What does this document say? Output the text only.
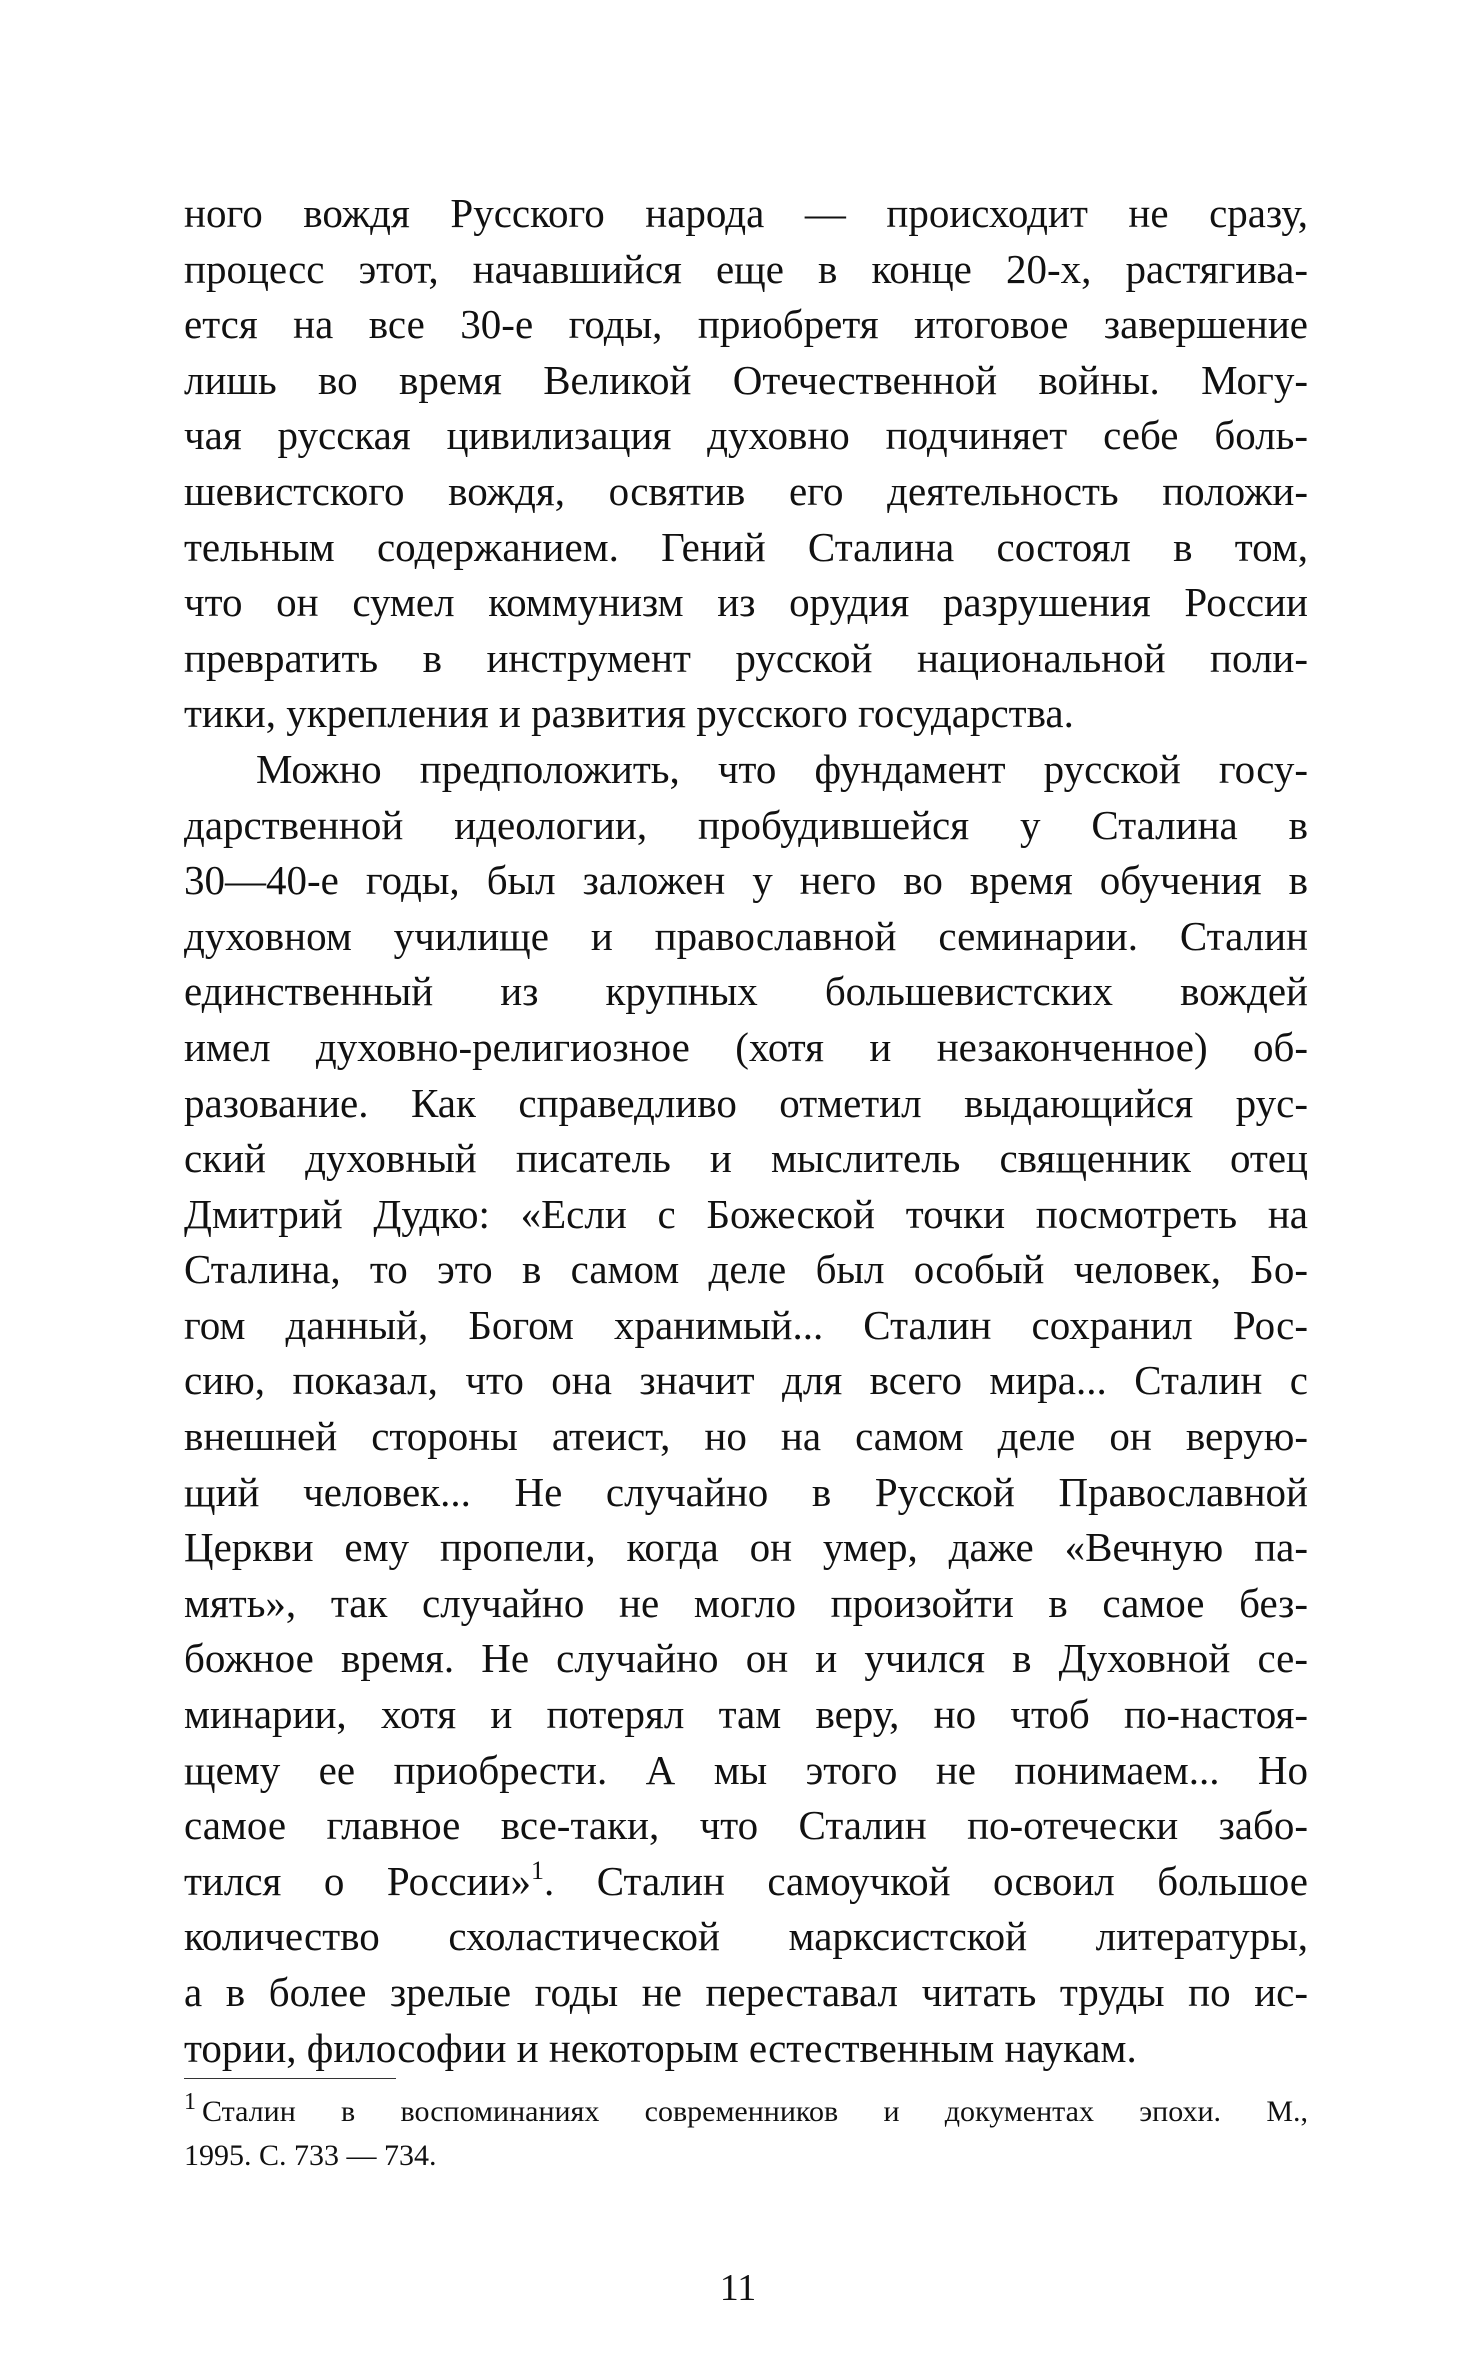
ного вождя Русского народа — происходит не сразу,
процесс этот, начавшийся еще в конце 20-х, растягива-
ется на все 30-е годы, приобретя итоговое завершение
лишь во время Великой Отечественной войны. Могу-
чая русская цивилизация духовно подчиняет себе боль-
шевистского вождя, освятив его деятельность положи-
тельным содержанием. Гений Сталина состоял в том,
что он сумел коммунизм из орудия разрушения России
превратить в инструмент русской национальной поли-
тики, укрепления и развития русского государства.
Можно предположить, что фундамент русской госу-
дарственной идеологии, пробудившейся у Сталина в
30—40-е годы, был заложен у него во время обучения в
духовном училище и православной семинарии. Сталин
единственный из крупных большевистских вождей
имел духовно-религиозное (хотя и незаконченное) об-
разование. Как справедливо отметил выдающийся рус-
ский духовный писатель и мыслитель священник отец
Дмитрий Дудко: «Если с Божеской точки посмотреть на
Сталина, то это в самом деле был особый человек, Бо-
гом данный, Богом хранимый... Сталин сохранил Рос-
сию, показал, что она значит для всего мира... Сталин с
внешней стороны атеист, но на самом деле он верую-
щий человек... Не случайно в Русской Православной
Церкви ему пропели, когда он умер, даже «Вечную па-
мять», так случайно не могло произойти в самое без-
божное время. Не случайно он и учился в Духовной се-
минарии, хотя и потерял там веру, но чтоб по-настоя-
щему ее приобрести. А мы этого не понимаем... Но
самое главное все-таки, что Сталин по-отечески забо-
тился о России»$^1$. Сталин самоучкой освоил большое
количество схоластической марксистской литературы,
а в более зрелые годы не переставал читать труды по ис-
тории, философии и некоторым естественным наукам.
$^1$ Сталин в воспоминаниях современников и документах эпохи. М.,
1995. С. 733 — 734.
11
